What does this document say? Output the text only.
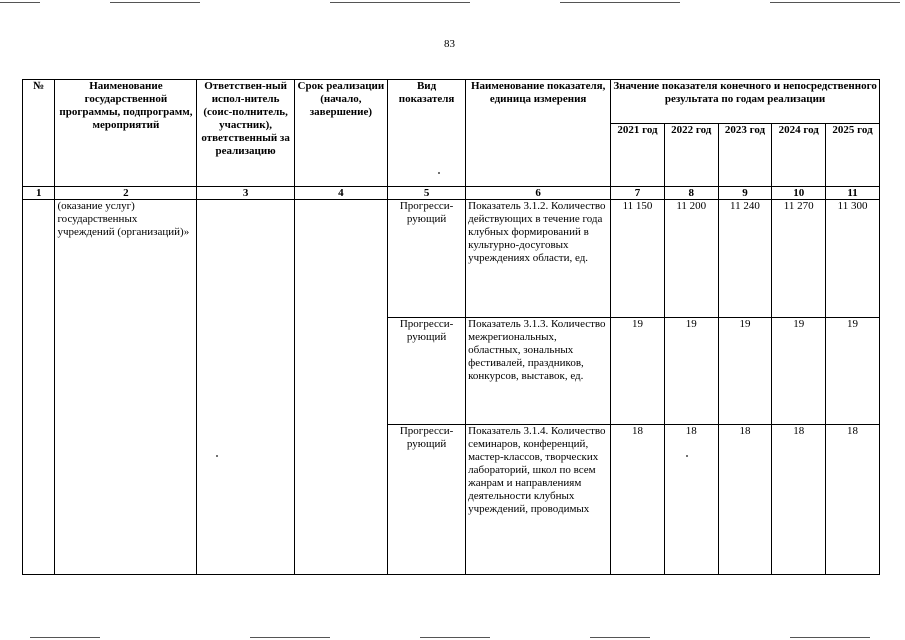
83
№	Наименование государственной программы, подпрограмм, мероприятий	Ответствен-ный испол-нитель (соис-полнитель, участник), ответственный за реализацию	Срок реализации (начало, завершение)	Вид показателя	Наименование показателя, единица измерения	Значение показателя конечного и непосредственного результата по годам реализации				
						2021 год	2022 год	2023 год	2024 год	2025 год
1	2	3	4	5	6	7	8	9	10	11
	(оказание услуг) государственных учреждений (организаций)»			Прогресси-рующий	Показатель 3.1.2. Количество действующих в течение года клубных формирований в культурно-досуговых учреждениях области, ед.	11 150	11 200	11 240	11 270	11 300
				Прогресси-рующий	Показатель 3.1.3. Количество межрегиональных, областных, зональных фестивалей, праздников, конкурсов, выставок, ед.	19	19	19	19	19
				Прогресси-рующий	Показатель 3.1.4. Количество семинаров, конференций, мастер-классов, творческих лабораторий, школ по всем жанрам и направлениям деятельности клубных учреждений, проводимых	18	18	18	18	18
